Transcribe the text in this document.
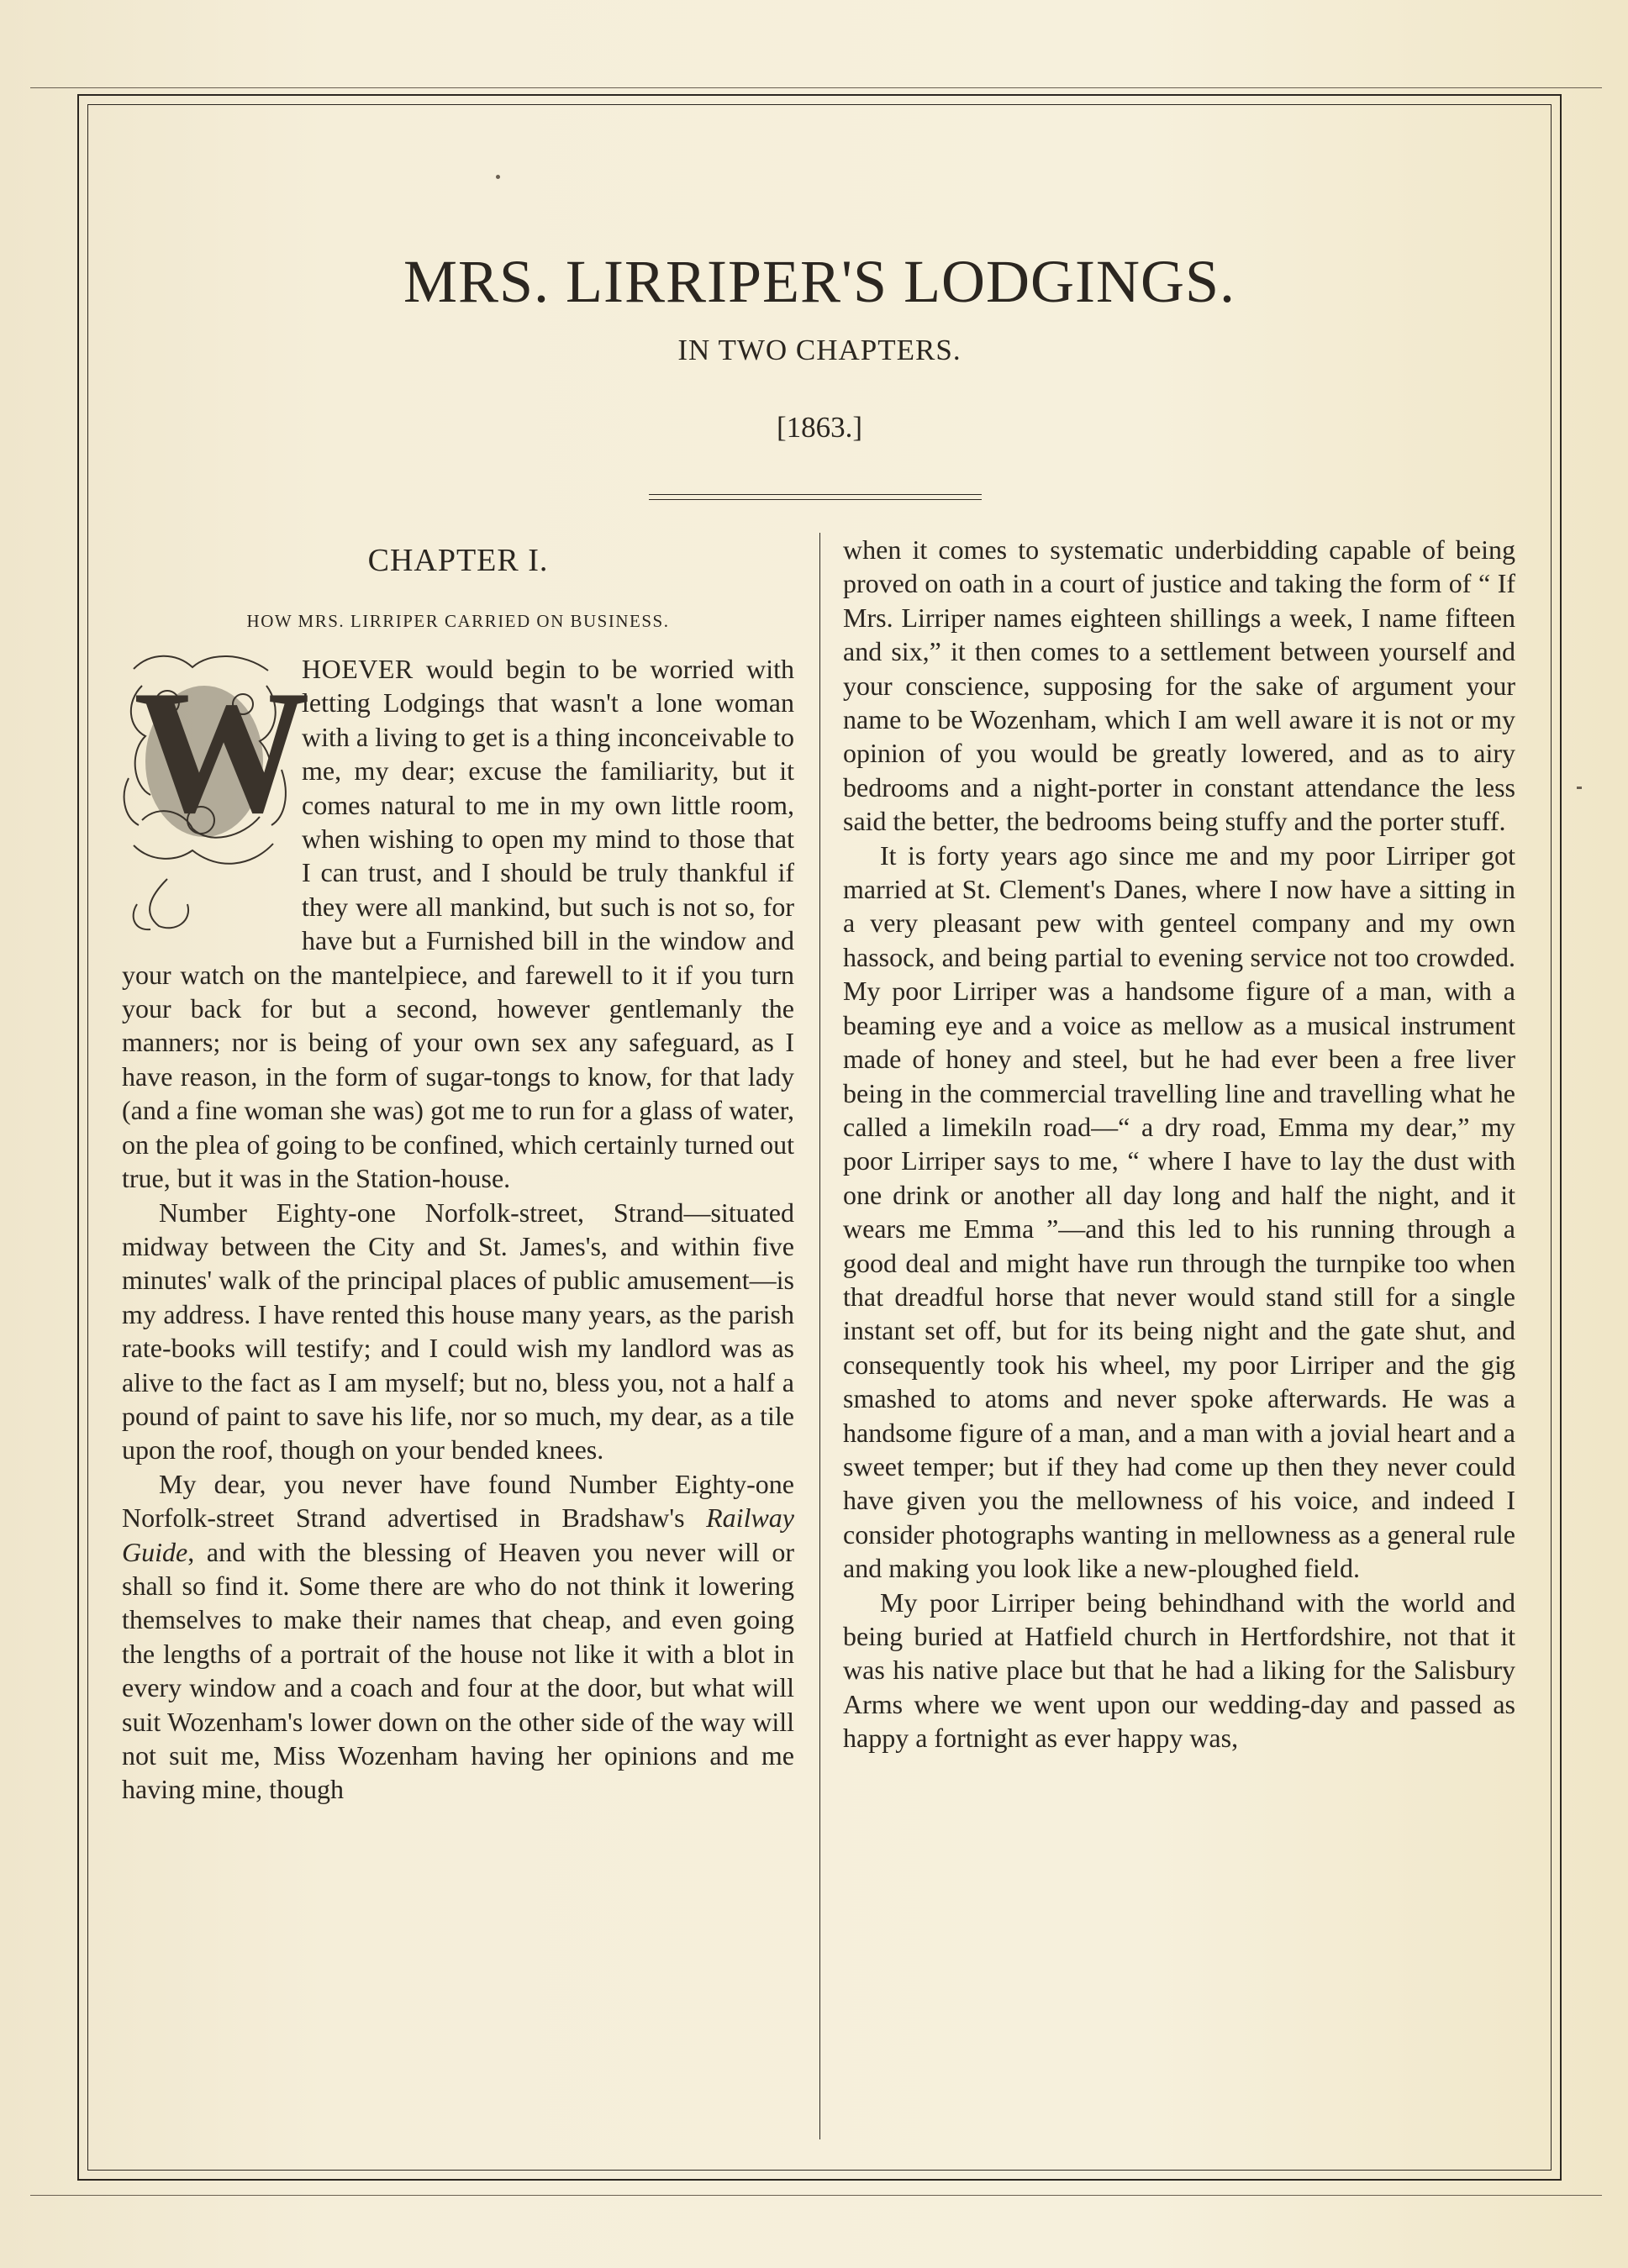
MRS. LIRRIPER'S LODGINGS.
IN TWO CHAPTERS.
[1863.]
CHAPTER I.
HOW MRS. LIRRIPER CARRIED ON BUSINESS.

W
HOEVER would begin to be worried with letting Lodgings that wasn't a lone woman with a living to get is a thing inconceivable to me, my dear; excuse the familiarity, but it comes natural to me in my own little room, when wishing to open my mind to those that I can trust, and I should be truly thankful if they were all mankind, but such is not so, for have but a Furnished bill in the window and your watch on the mantelpiece, and farewell to it if you turn your back for but a second, however gentlemanly the manners; nor is being of your own sex any safeguard, as I have reason, in the form of sugar-tongs to know, for that lady (and a fine woman she was) got me to run for a glass of water, on the plea of going to be confined, which certainly turned out true, but it was in the Station-house.

Number Eighty-one Norfolk-street, Strand—situated midway between the City and St. James's, and within five minutes' walk of the principal places of public amusement—is my address. I have rented this house many years, as the parish rate-books will testify; and I could wish my landlord was as alive to the fact as I am myself; but no, bless you, not a half a pound of paint to save his life, nor so much, my dear, as a tile upon the roof, though on your bended knees.

My dear, you never have found Number Eighty-one Norfolk-street Strand advertised in Bradshaw's Railway Guide, and with the blessing of Heaven you never will or shall so find it. Some there are who do not think it lowering themselves to make their names that cheap, and even going the lengths of a portrait of the house not like it with a blot in every window and a coach and four at the door, but what will suit Wozenham's lower down on the other side of the way will not suit me, Miss Wozenham having her opinions and me having mine, though

when it comes to systematic underbidding capable of being proved on oath in a court of justice and taking the form of “ If Mrs. Lirriper names eighteen shillings a week, I name fifteen and six,” it then comes to a settlement between yourself and your conscience, supposing for the sake of argument your name to be Wozenham, which I am well aware it is not or my opinion of you would be greatly lowered, and as to airy bedrooms and a night-porter in constant attendance the less said the better, the bedrooms being stuffy and the porter stuff.

It is forty years ago since me and my poor Lirriper got married at St. Clement's Danes, where I now have a sitting in a very pleasant pew with genteel company and my own hassock, and being partial to evening service not too crowded. My poor Lirriper was a handsome figure of a man, with a beaming eye and a voice as mellow as a musical instrument made of honey and steel, but he had ever been a free liver being in the commercial travelling line and travelling what he called a limekiln road—“ a dry road, Emma my dear,” my poor Lirriper says to me, “ where I have to lay the dust with one drink or another all day long and half the night, and it wears me Emma ”—and this led to his running through a good deal and might have run through the turnpike too when that dreadful horse that never would stand still for a single instant set off, but for its being night and the gate shut, and consequently took his wheel, my poor Lirriper and the gig smashed to atoms and never spoke afterwards. He was a handsome figure of a man, and a man with a jovial heart and a sweet temper; but if they had come up then they never could have given you the mellowness of his voice, and indeed I consider photographs wanting in mellowness as a general rule and making you look like a new-ploughed field.

My poor Lirriper being behindhand with the world and being buried at Hatfield church in Hertfordshire, not that it was his native place but that he had a liking for the Salisbury Arms where we went upon our wedding-day and passed as happy a fortnight as ever happy was,
